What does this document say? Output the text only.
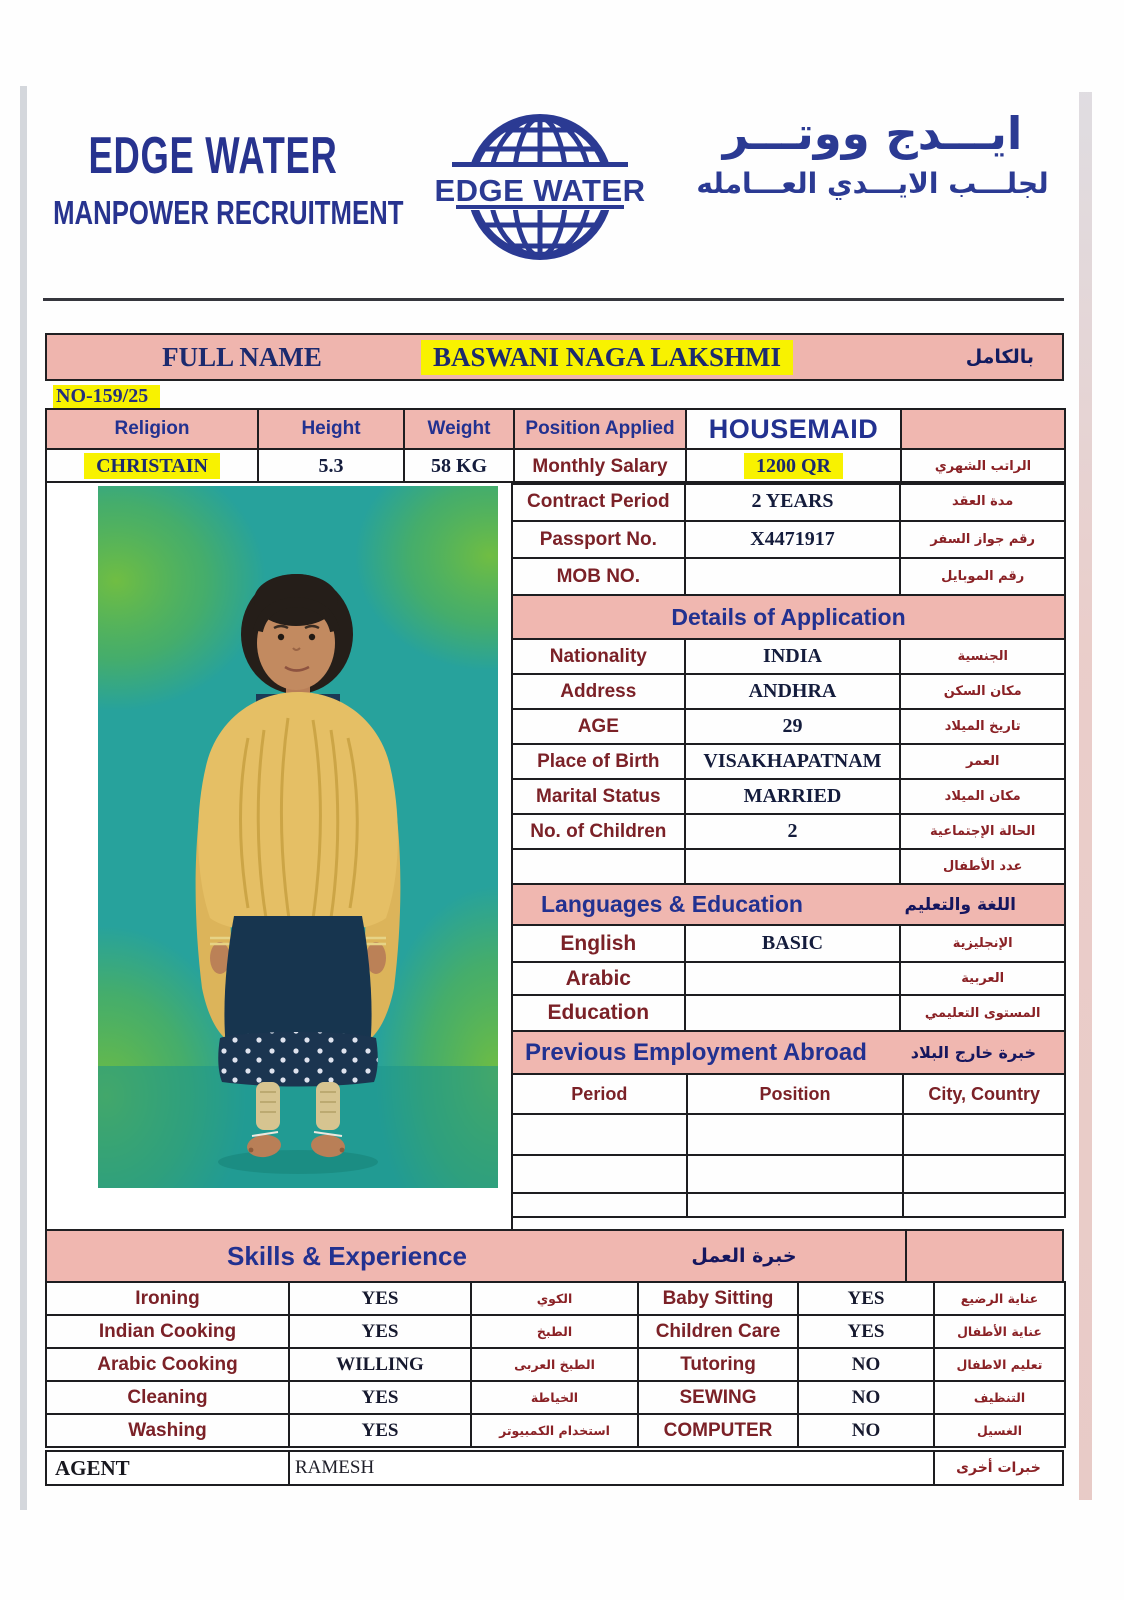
EDGE WATER
MANPOWER RECRUITMENT
EDGE WATER
ايـــدج ووتـــر
لجلـــب الايـــدي العـــامله
FULL NAME	BASWANI NAGA LAKSHMI	بالكامل
NO-159/25
Religion	Height	Weight	Position Applied	HOUSEMAID	
CHRISTAIN	5.3	58 KG	Monthly Salary	1200 QR	الراتب الشهري
Contract Period	2 YEARS	مدة العقد
Passport No.	X4471917	رقم جواز السفر
MOB NO.		رقم الموبايل
Details of Application
Nationality	INDIA	الجنسية
Address	ANDHRA	مكان السكن
AGE	29	تاريخ الميلاد
Place of Birth	VISAKHAPATNAM	العمر
Marital Status	MARRIED	مكان الميلاد
No. of Children	2	الحالة الإجتماعية
		عدد الأطفال
Languages & Education	اللغة والتعليم
English	BASIC	الإنجليزية
Arabic		العربية
Education		المستوى التعليمي
Previous Employment Abroad	خبرة خارج البلاد
Period	Position	City, Country

Skills & Experience	خبرة العمل
Ironing	YES	الكوي	Baby Sitting	YES	عناية الرضيع
Indian Cooking	YES	الطبخ	Children Care	YES	عناية الأطفال
Arabic Cooking	WILLING	الطبخ العربى	Tutoring	NO	تعليم الاطفال
Cleaning	YES	الخياطة	SEWING	NO	التنظيف
Washing	YES	استخدام الكمبيوتر	COMPUTER	NO	الغسيل
AGENT	RAMESH	خبرات أخرى
